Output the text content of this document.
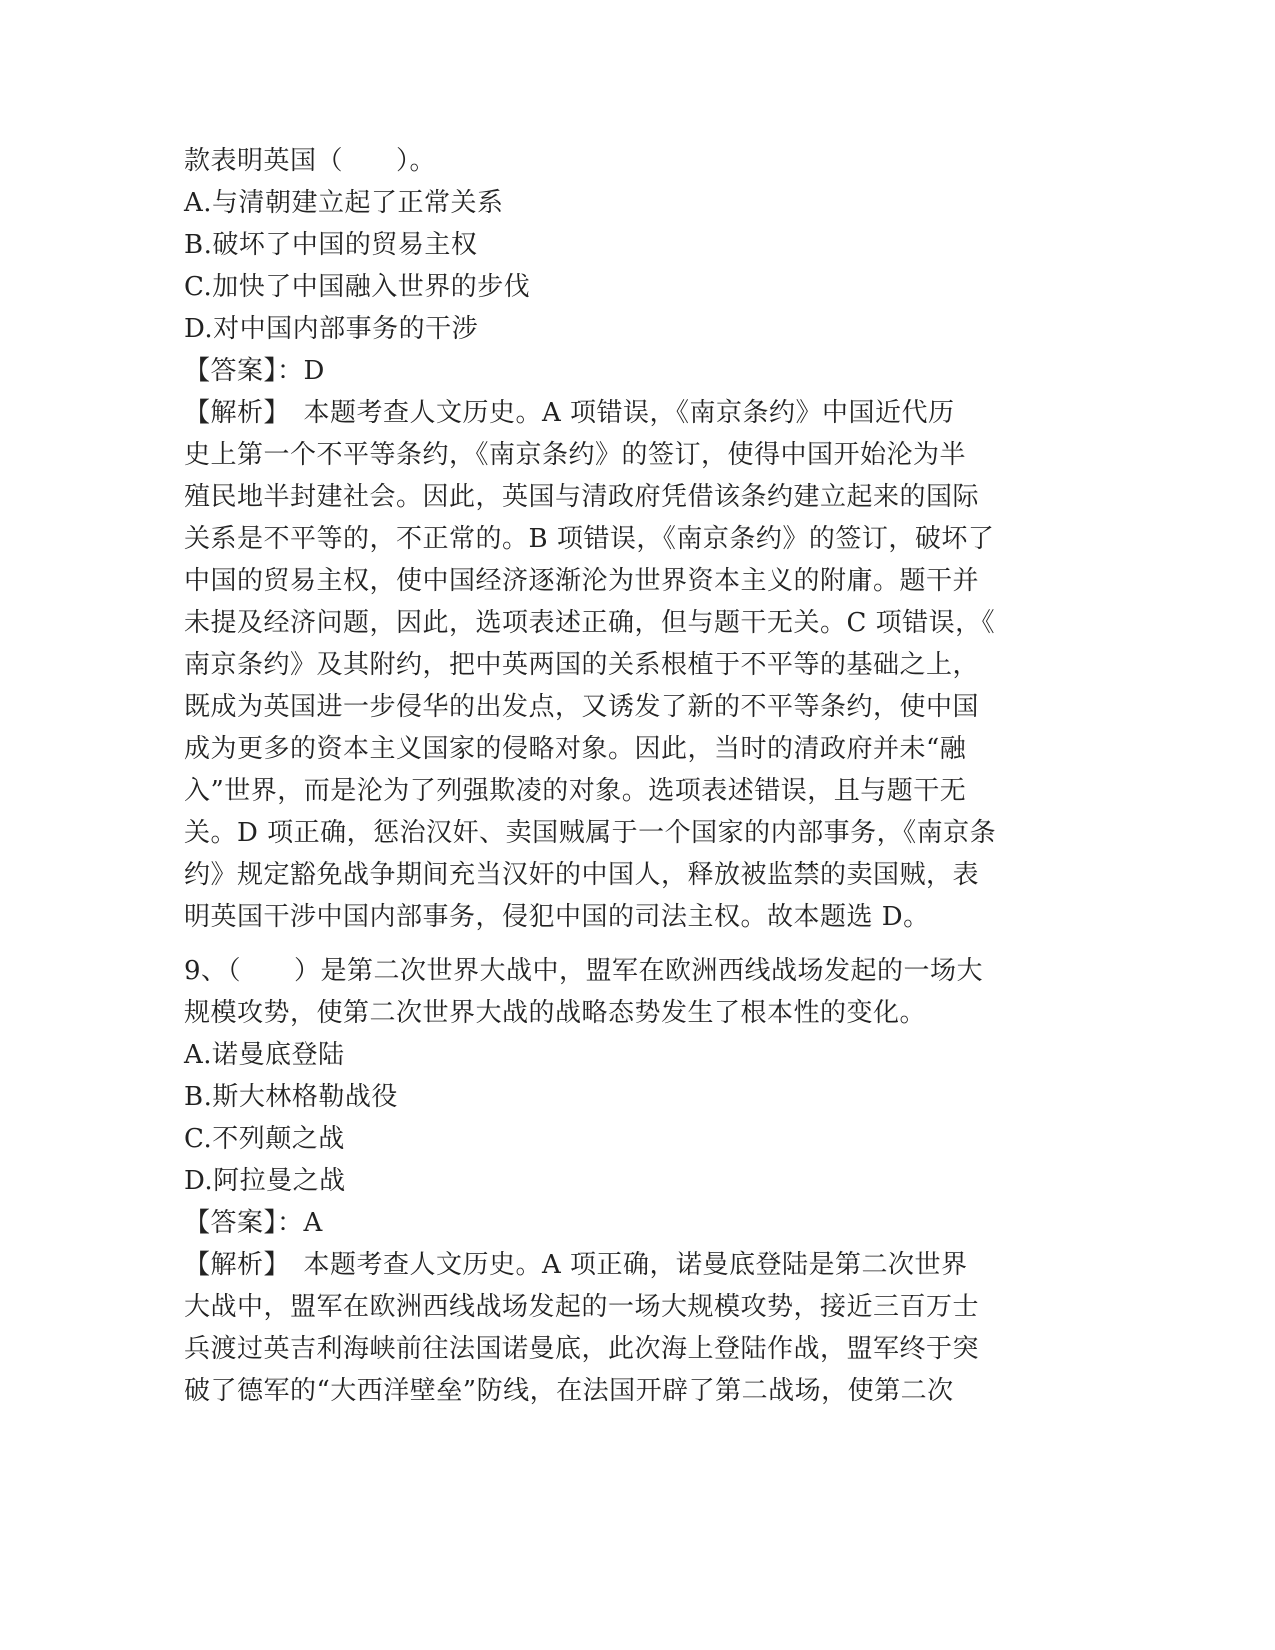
款表明英国（　　）。
A.与清朝建立起了正常关系
B.破坏了中国的贸易主权
C.加快了中国融入世界的步伐
D.对中国内部事务的干涉
【答案】：D
【解析】　本题考查人文历史。A 项错误，《南京条约》中国近代历
史上第一个不平等条约，《南京条约》的签订，使得中国开始沦为半
殖民地半封建社会。因此，英国与清政府凭借该条约建立起来的国际
关系是不平等的，不正常的。B 项错误，《南京条约》的签订，破坏了
中国的贸易主权，使中国经济逐渐沦为世界资本主义的附庸。题干并
未提及经济问题，因此，选项表述正确，但与题干无关。C 项错误，《
南京条约》及其附约，把中英两国的关系根植于不平等的基础之上，
既成为英国进一步侵华的出发点，又诱发了新的不平等条约，使中国
成为更多的资本主义国家的侵略对象。因此，当时的清政府并未“融
入”世界，而是沦为了列强欺凌的对象。选项表述错误，且与题干无
关。D 项正确，惩治汉奸、卖国贼属于一个国家的内部事务，《南京条
约》规定豁免战争期间充当汉奸的中国人，释放被监禁的卖国贼，表
明英国干涉中国内部事务，侵犯中国的司法主权。故本题选 D。
9、（　　）是第二次世界大战中，盟军在欧洲西线战场发起的一场大
规模攻势，使第二次世界大战的战略态势发生了根本性的变化。
A.诺曼底登陆
B.斯大林格勒战役
C.不列颠之战
D.阿拉曼之战
【答案】：A
【解析】　本题考查人文历史。A 项正确，诺曼底登陆是第二次世界
大战中，盟军在欧洲西线战场发起的一场大规模攻势，接近三百万士
兵渡过英吉利海峡前往法国诺曼底，此次海上登陆作战，盟军终于突
破了德军的“大西洋壁垒”防线，在法国开辟了第二战场，使第二次
